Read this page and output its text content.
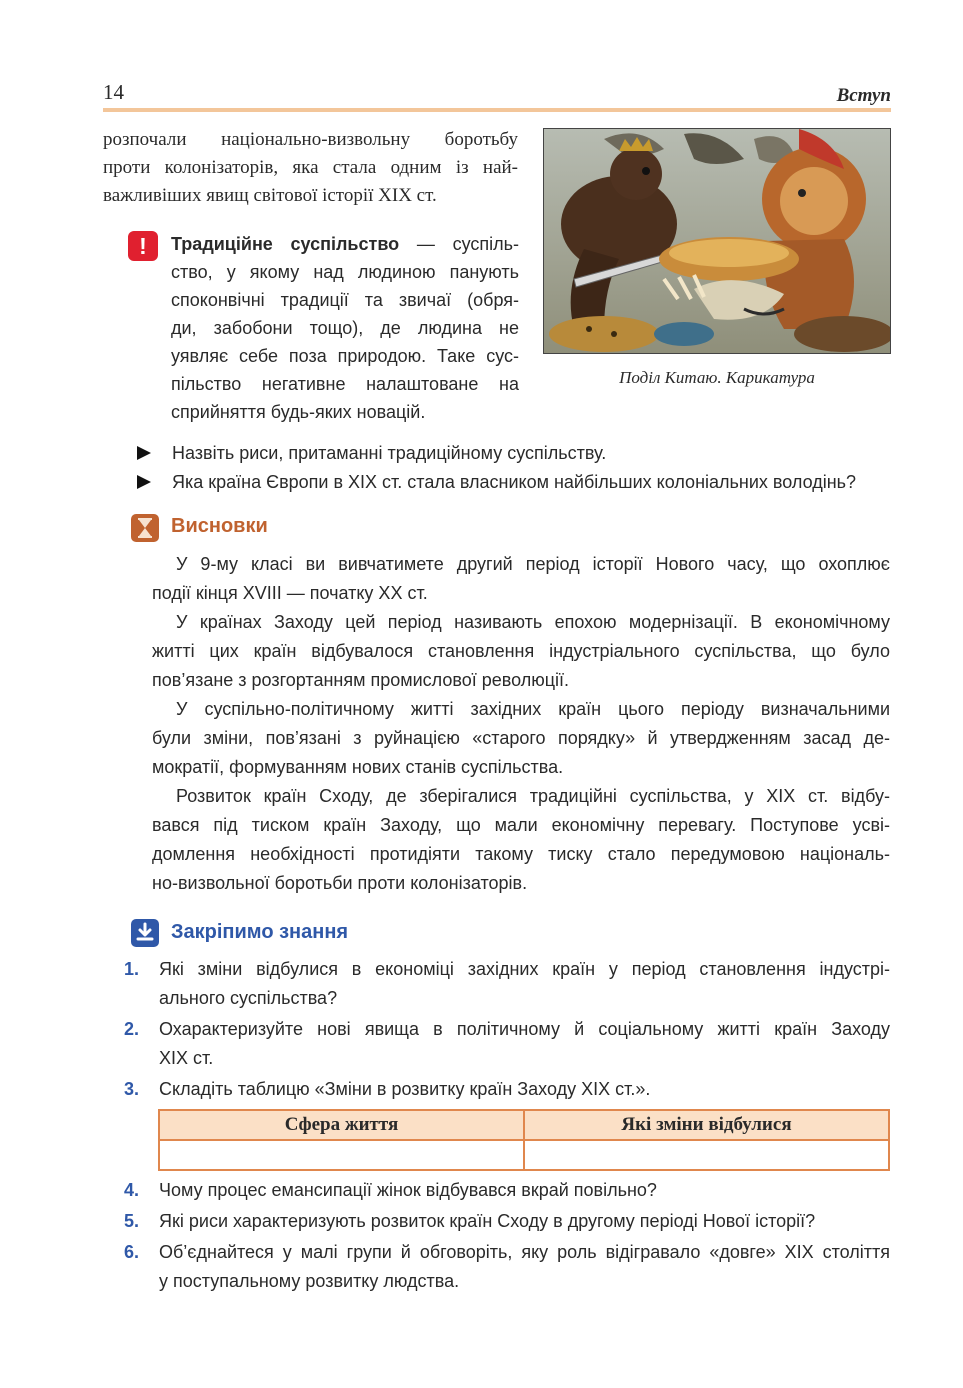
14	Вступ
розпочали національно-визвольну боротьбу
проти колонізаторів, яка стала одним із най-
важливіших явищ світової історії XIX ст.
Поділ Китаю. Карикатура
!	Традиційне суспільство — суспіль-
ство, у якому над людиною панують
споконвічні традиції та звичаї (обря-
ди, забобони тощо), де людина не
уявляє себе поза природою. Таке сус-
пільство негативне налаштоване на
сприйняття будь-яких новацій.
Назвіть риси, притаманні традиційному суспільству.
Яка країна Європи в XIX ст. стала власником найбільших колоніальних володінь?
Висновки
У 9-му класі ви вивчатимете другий період історії Нового часу, що охоплює
події кінця XVIII — початку XX ст.
У країнах Заходу цей період називають епохою модернізації. В економічному
житті цих країн відбувалося становлення індустріального суспільства, що було
пов’язане з розгортанням промислової революції.
У суспільно-політичному житті західних країн цього періоду визначальними
були зміни, пов’язані з руйнацією «старого порядку» й утвердженням засад де-
мократії, формуванням нових станів суспільства.
Розвиток країн Сходу, де зберігалися традиційні суспільства, у XIX ст. відбу-
вався під тиском країн Заходу, що мали економічну перевагу. Поступове усві-
домлення необхідності протидіяти такому тиску стало передумовою національ-
но-визвольної боротьби проти колонізаторів.
Закріпимо знання
1. Які зміни відбулися в економіці західних країн у період становлення індустрі-
ального суспільства?
2. Охарактеризуйте нові явища в політичному й соціальному житті країн Заходу
XIX ст.
3. Складіть таблицю «Зміни в розвитку країн Заходу XIX ст.».
Сфера життя	Які зміни відбулися

4. Чому процес емансипації жінок відбувався вкрай повільно?
5. Які риси характеризують розвиток країн Сходу в другому періоді Нової історії?
6. Об’єднайтеся у малі групи й обговоріть, яку роль відігравало «довге» XIX століття
у поступальному розвитку людства.
